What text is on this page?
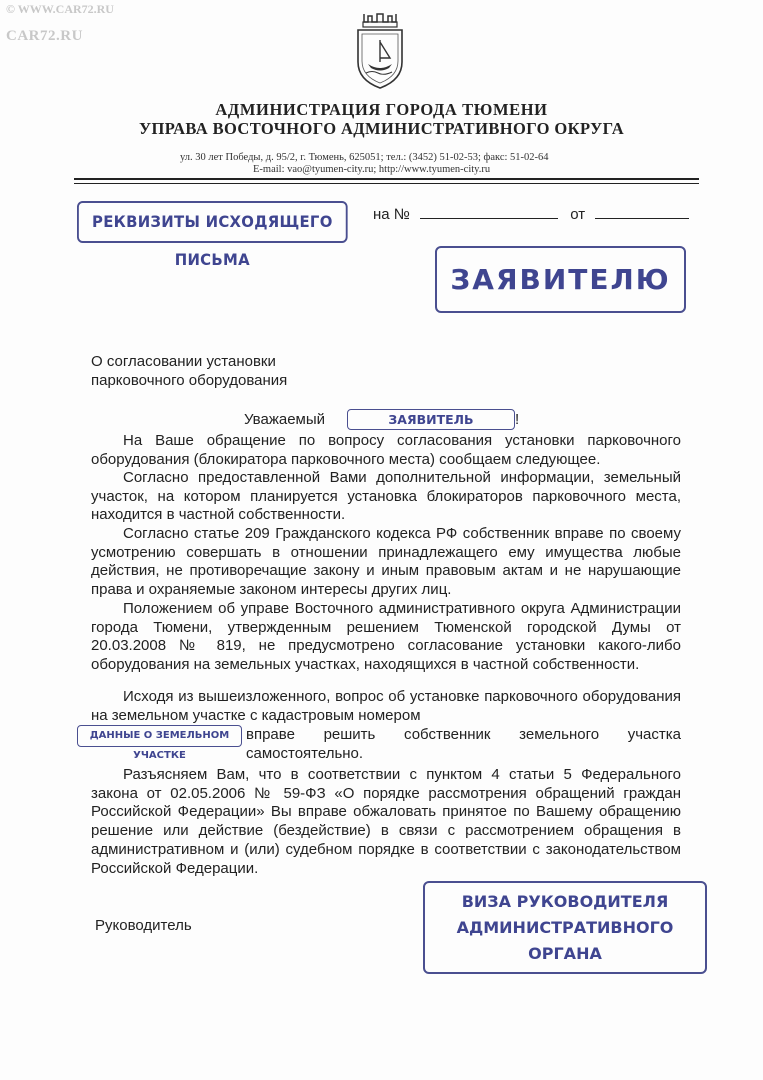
© WWW.CAR72.RU
CAR72.RU
АДМИНИСТРАЦИЯ ГОРОДА ТЮМЕНИ
УПРАВА ВОСТОЧНОГО АДМИНИСТРАТИВНОГО ОКРУГА
ул. 30 лет Победы, д. 95/2, г. Тюмень, 625051; тел.: (3452) 51-02-53; факс: 51-02-64
E-mail: vao@tyumen-city.ru; http://www.tyumen-city.ru
РЕКВИЗИТЫ ИСХОДЯЩЕГО ПИСЬМА
на №	от
ЗАЯВИТЕЛЮ
О согласовании установки
парковочного оборудования
Уважаемый	ЗАЯВИТЕЛЬ	!
На Ваше обращение по вопросу согласования установки парковочного оборудования (блокиратора парковочного места) сообщаем следующее.
Согласно предоставленной Вами дополнительной информации, земельный участок, на котором планируется установка блокираторов парковочного места, находится в частной собственности.
Согласно статье 209 Гражданского кодекса РФ собственник вправе по своему усмотрению совершать в отношении принадлежащего ему имущества любые действия, не противоречащие закону и иным правовым актам и не нарушающие права и охраняемые законом интересы других лиц.
Положением об управе Восточного административного округа Администрации города Тюмени, утвержденным решением Тюменской городской Думы от 20.03.2008 № 819, не предусмотрено согласование установки какого-либо оборудования на земельных участках, находящихся в частной собственности.
Исходя из вышеизложенного, вопрос об установке парковочного оборудования на земельном участке с кадастровым номером
ДАННЫЕ О ЗЕМЕЛЬНОМ УЧАСТКЕ
вправе решить собственник земельного участка самостоятельно.
Разъясняем Вам, что в соответствии с пунктом 4 статьи 5 Федерального закона от 02.05.2006 № 59-ФЗ «О порядке рассмотрения обращений граждан Российской Федерации» Вы вправе обжаловать принятое по Вашему обращению решение или действие (бездействие) в связи с рассмотрением обращения в административном и (или) судебном порядке в соответствии с законодательством Российской Федерации.
Руководитель
ВИЗА РУКОВОДИТЕЛЯ
АДМИНИСТРАТИВНОГО ОРГАНА
